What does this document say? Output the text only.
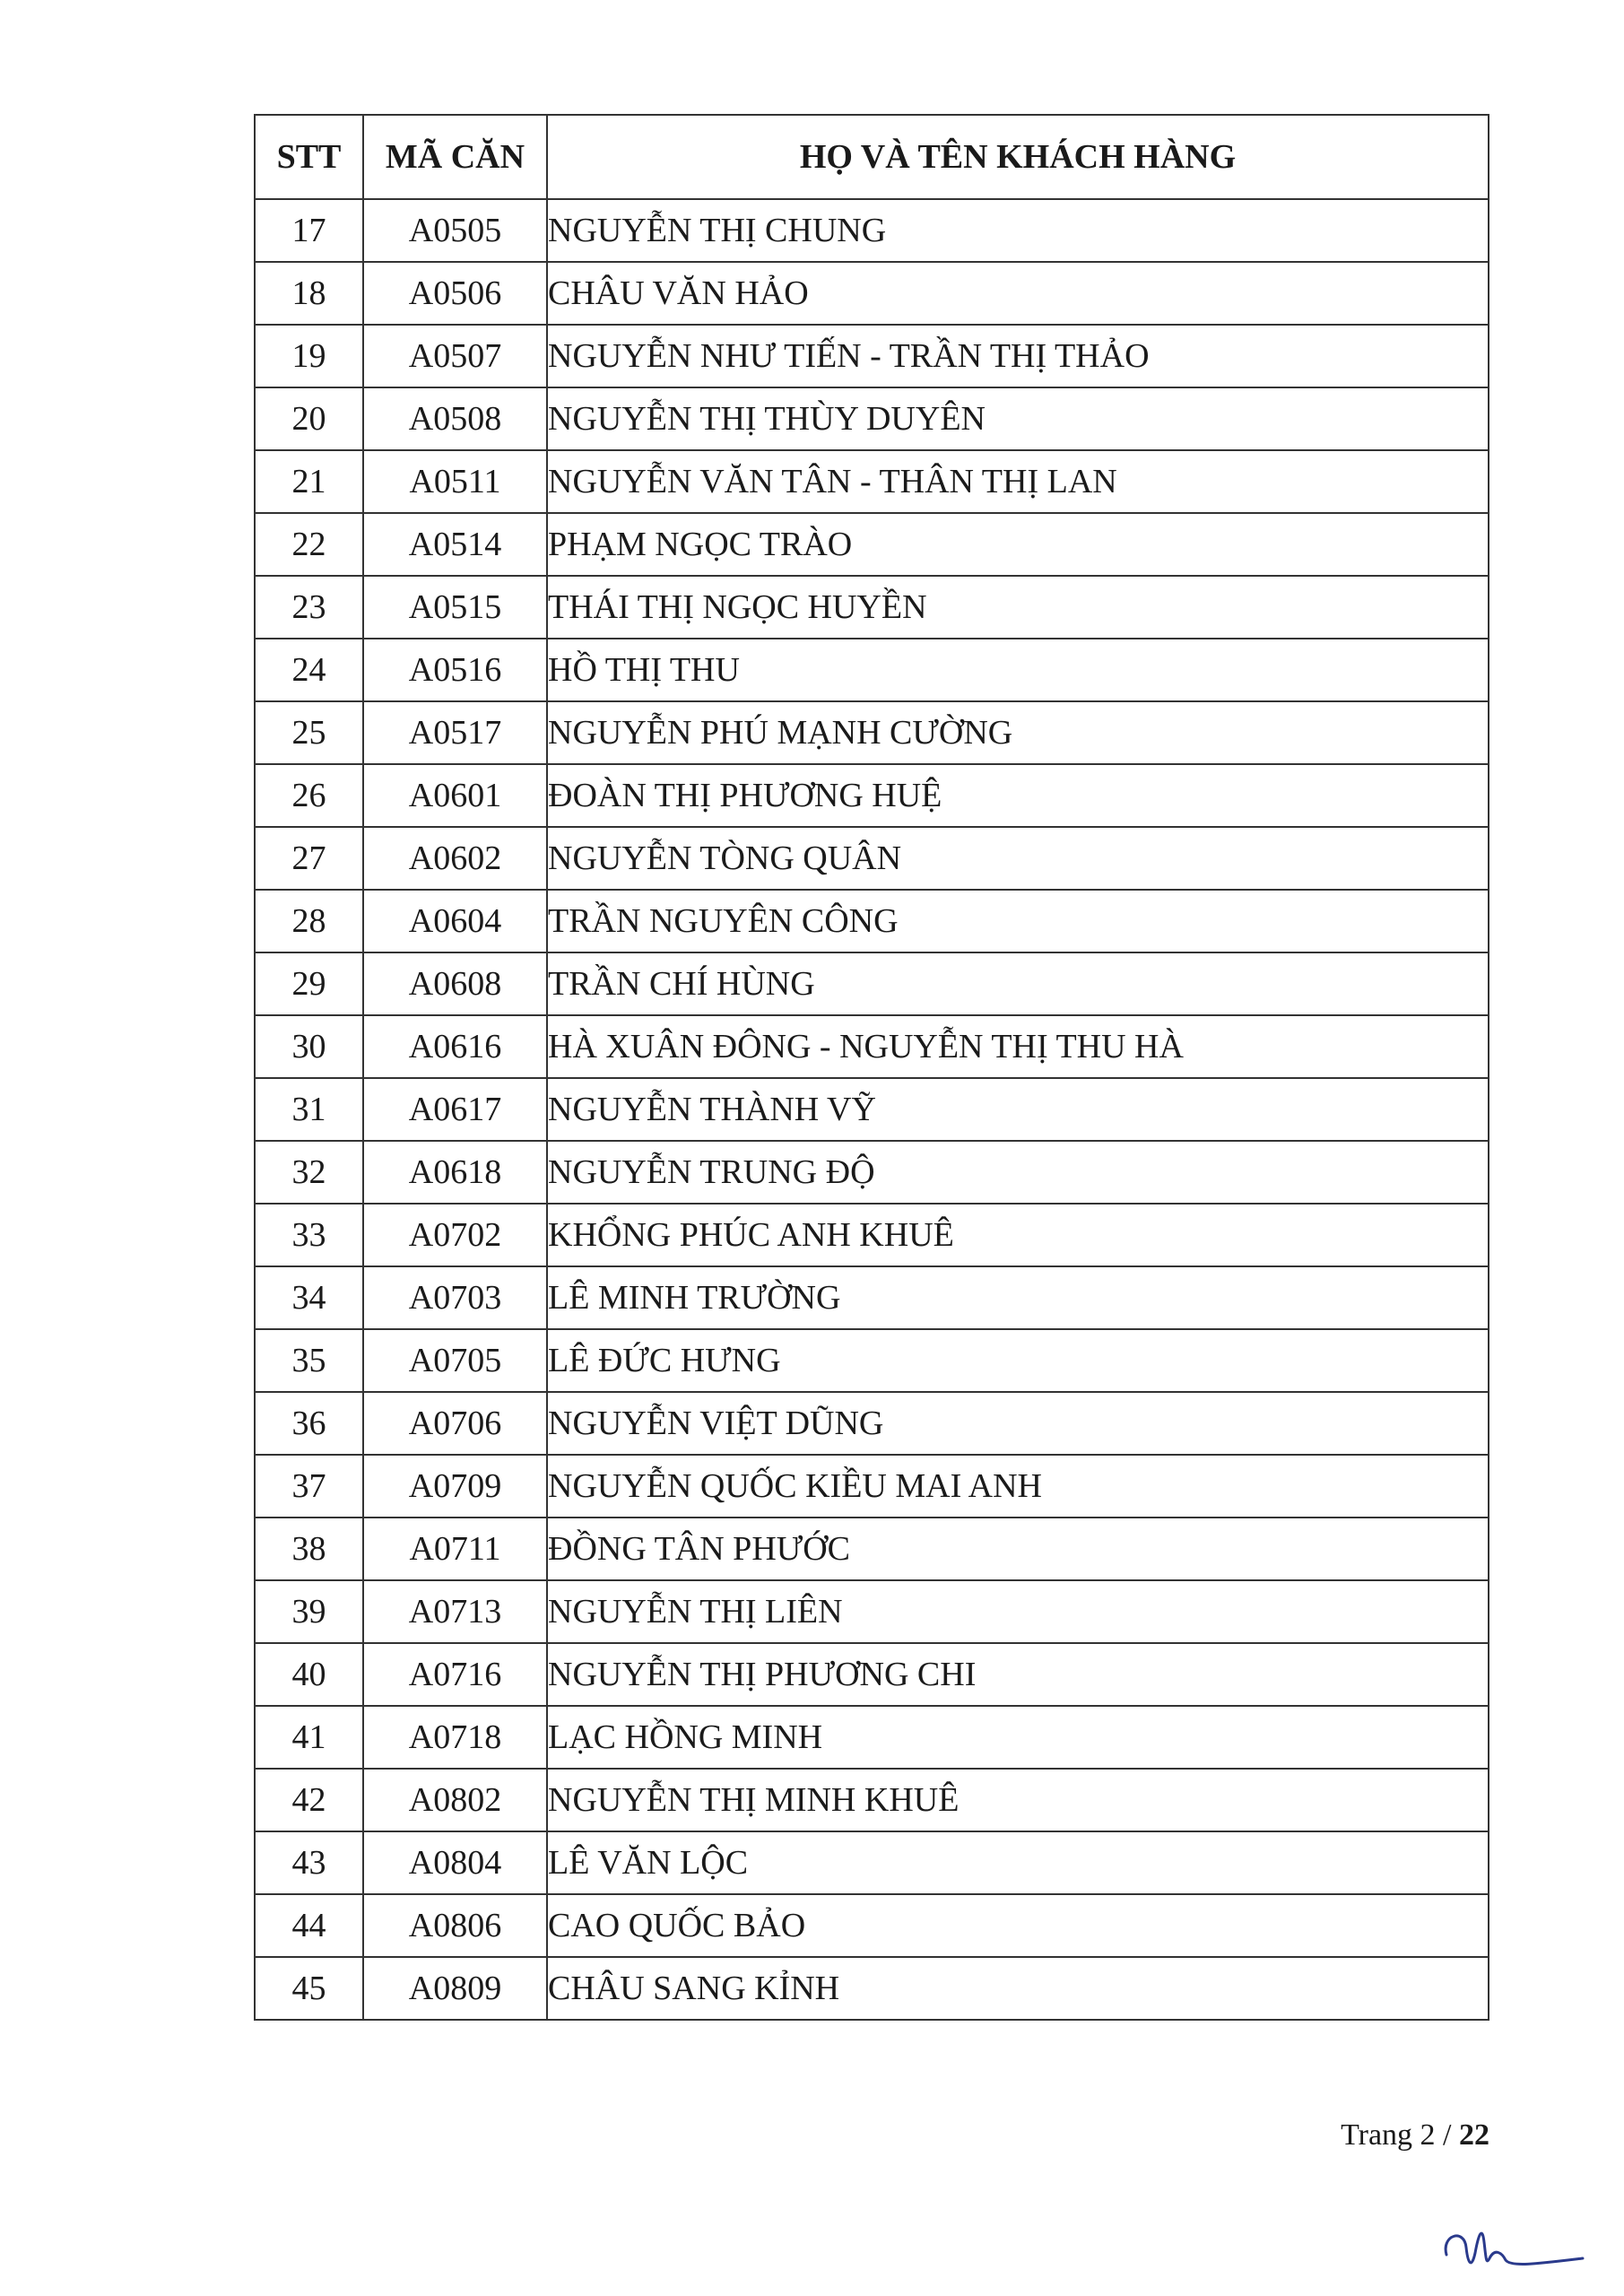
STT	MÃ CĂN	HỌ VÀ TÊN KHÁCH HÀNG
17	A0505	NGUYỄN THỊ CHUNG
18	A0506	CHÂU VĂN HẢO
19	A0507	NGUYỄN NHƯ TIẾN - TRẦN THỊ THẢO
20	A0508	NGUYỄN THỊ THÙY DUYÊN
21	A0511	NGUYỄN VĂN TÂN - THÂN THỊ LAN
22	A0514	PHẠM NGỌC TRÀO
23	A0515	THÁI THỊ NGỌC HUYỀN
24	A0516	HỒ THỊ THU
25	A0517	NGUYỄN PHÚ MẠNH CƯỜNG
26	A0601	ĐOÀN THỊ PHƯƠNG HUỆ
27	A0602	NGUYỄN TÒNG QUÂN
28	A0604	TRẦN NGUYÊN CÔNG
29	A0608	TRẦN CHÍ HÙNG
30	A0616	HÀ XUÂN ĐÔNG - NGUYỄN THỊ THU HÀ
31	A0617	NGUYỄN THÀNH VỸ
32	A0618	NGUYỄN TRUNG ĐỘ
33	A0702	KHỔNG PHÚC ANH KHUÊ
34	A0703	LÊ MINH TRƯỜNG
35	A0705	LÊ ĐỨC HƯNG
36	A0706	NGUYỄN VIỆT DŨNG
37	A0709	NGUYỄN QUỐC KIỀU MAI ANH
38	A0711	ĐỒNG TÂN PHƯỚC
39	A0713	NGUYỄN THỊ LIÊN
40	A0716	NGUYỄN THỊ PHƯƠNG CHI
41	A0718	LẠC HỒNG MINH
42	A0802	NGUYỄN THỊ MINH KHUÊ
43	A0804	LÊ VĂN LỘC
44	A0806	CAO QUỐC BẢO
45	A0809	CHÂU SANG KỈNH
Trang 2 / 22
